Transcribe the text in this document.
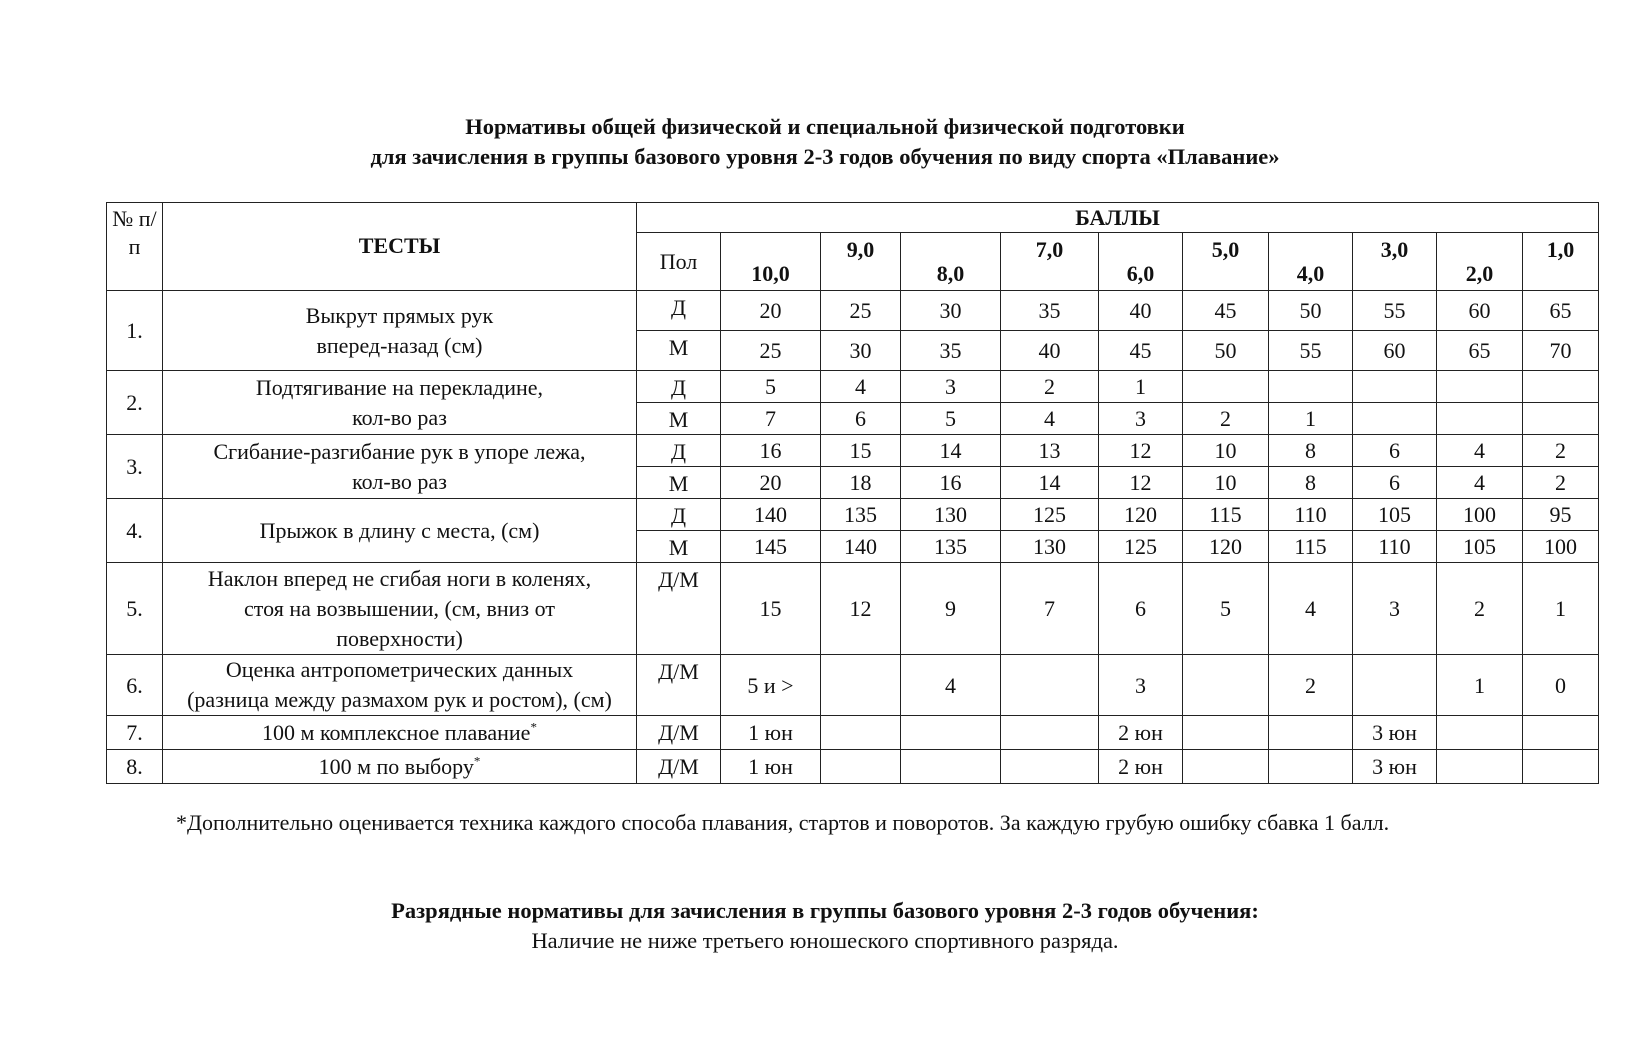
Нормативы общей физической и специальной физической подготовки
для зачисления в группы базового уровня 2-3 годов обучения по виду спорта «Плавание»
№ п/п	ТЕСТЫ	БАЛЛЫ										
		Пол	10,0	9,0	8,0	7,0	6,0	5,0	4,0	3,0	2,0	1,0

1.	Выкрут прямых рук
вперед-назад (см)	Д	20	25	30	35	40	45	50	55	60	65
		М	25	30	35	40	45	50	55	60	65	70
2.	Подтягивание на перекладине,
кол-во раз	Д	5	4	3	2	1					
		М	7	6	5	4	3	2	1			
3.	Сгибание-разгибание рук в упоре лежа,
кол-во раз	Д	16	15	14	13	12	10	8	6	4	2
		М	20	18	16	14	12	10	8	6	4	2
4.	Прыжок в длину с места, (см)	Д	140	135	130	125	120	115	110	105	100	95
		М	145	140	135	130	125	120	115	110	105	100
5.	Наклон вперед не сгибая ноги в коленях,
стоя на возвышении, (см, вниз от
поверхности)	Д/М	15	12	9	7	6	5	4	3	2	1
6.	Оценка антропометрических данных
(разница между размахом рук и ростом), (см)	Д/М	5 и >		4		3		2		1	0
7.	100 м комплексное плавание*	Д/М	1 юн				2 юн			3 юн		
8.	100 м по выбору*	Д/М	1 юн				2 юн			3 юн		
*Дополнительно оценивается техника каждого способа плавания, стартов и поворотов. За каждую грубую ошибку сбавка 1 балл.
Разрядные нормативы для зачисления в группы базового уровня 2-3 годов обучения:
Наличие не ниже третьего юношеского спортивного разряда.
